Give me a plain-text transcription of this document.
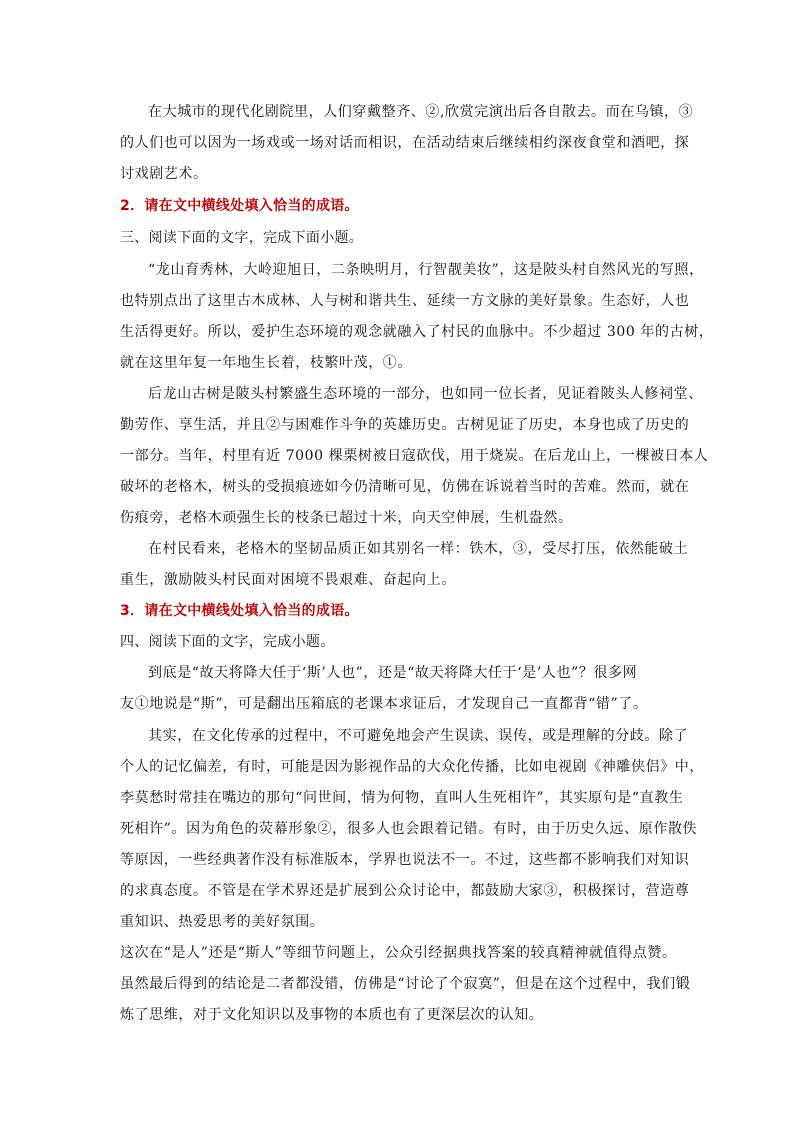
在大城市的现代化剧院里，人们穿戴整齐、②,欣赏完演出后各自散去。而在乌镇，③
的人们也可以因为一场戏或一场对话而相识，在活动结束后继续相约深夜食堂和酒吧，探
讨戏剧艺术。
2．请在文中横线处填入恰当的成语。
三、阅读下面的文字，完成下面小题。
“龙山育秀林，大岭迎旭日，二条映明月，行智靓美妆”，这是陂头村自然风光的写照，
也特别点出了这里古木成林、人与树和谐共生、延续一方文脉的美好景象。生态好，人也
生活得更好。所以，爱护生态环境的观念就融入了村民的血脉中。不少超过 300 年的古树，
就在这里年复一年地生长着，枝繁叶茂，①。
后龙山古树是陂头村繁盛生态环境的一部分，也如同一位长者，见证着陂头人修祠堂、
勤劳作、享生活，并且②与困难作斗争的英雄历史。古树见证了历史，本身也成了历史的
一部分。当年，村里有近 7000 棵栗树被日寇砍伐，用于烧炭。在后龙山上，一棵被日本人
破坏的老格木，树头的受损痕迹如今仍清晰可见，仿佛在诉说着当时的苦难。然而，就在
伤痕旁，老格木顽强生长的枝条已超过十米，向天空伸展，生机盎然。
在村民看来，老格木的坚韧品质正如其别名一样：铁木，③，受尽打压，依然能破土
重生，激励陂头村民面对困境不畏艰难、奋起向上。
3．请在文中横线处填入恰当的成语。
四、阅读下面的文字，完成小题。
到底是“故天将降大任于‘斯’人也”，还是“故天将降大任于‘是’人也”？很多网
友①地说是“斯”，可是翻出压箱底的老课本求证后，才发现自己一直都背“错”了。
其实，在文化传承的过程中，不可避免地会产生误读、误传，或是理解的分歧。除了
个人的记忆偏差，有时，可能是因为影视作品的大众化传播，比如电视剧《神雕侠侣》中，
李莫愁时常挂在嘴边的那句“问世间，情为何物，直叫人生死相许”，其实原句是“直教生
死相许”。因为角色的荧幕形象②，很多人也会跟着记错。有时，由于历史久远、原作散佚
等原因，一些经典著作没有标准版本，学界也说法不一。不过，这些都不影响我们对知识
的求真态度。不管是在学术界还是扩展到公众讨论中，都鼓励大家③，积极探讨，营造尊
重知识、热爱思考的美好氛围。
这次在“是人”还是“斯人”等细节问题上，公众引经据典找答案的较真精神就值得点赞。
虽然最后得到的结论是二者都没错，仿佛是“讨论了个寂寞”，但是在这个过程中，我们锻
炼了思维，对于文化知识以及事物的本质也有了更深层次的认知。
